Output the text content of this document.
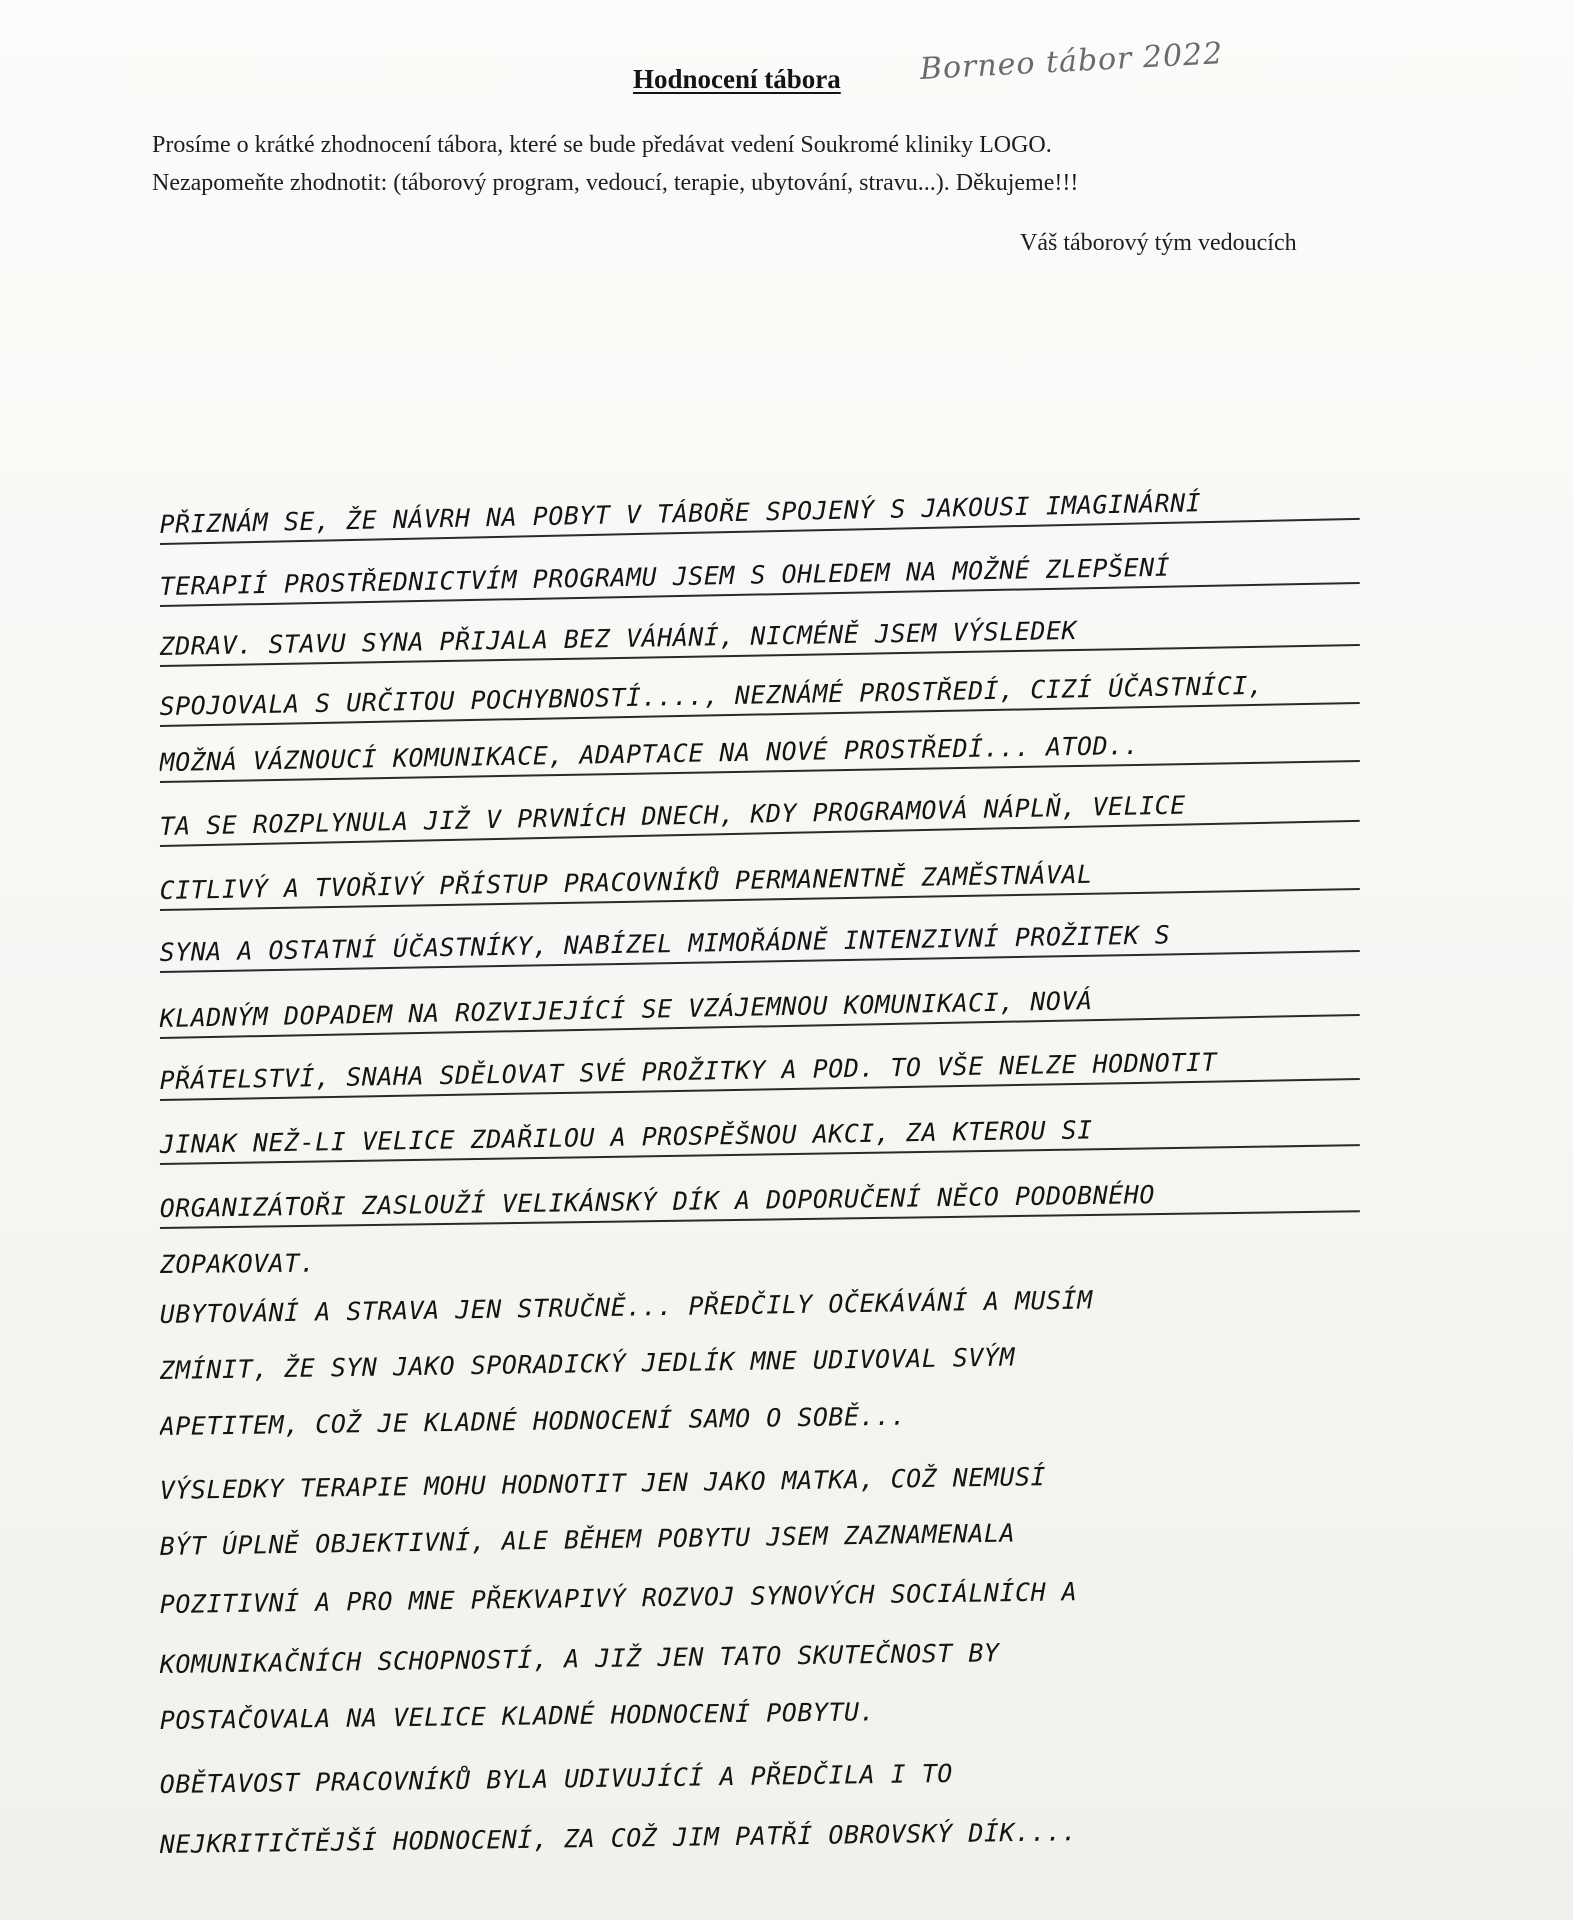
Hodnocení tábora	Borneo tábor 2022
Prosíme o krátké zhodnocení tábora, které se bude předávat vedení Soukromé kliniky LOGO.
Nezapomeňte zhodnotit: (táborový program, vedoucí, terapie, ubytování, stravu...). Děkujeme!!!
Váš táborový tým vedoucích
PŘIZNÁM SE, ŽE NÁVRH NA POBYT V TÁBOŘE SPOJENÝ S JAKOUSI IMAGINÁRNÍ
TERAPIÍ PROSTŘEDNICTVÍM PROGRAMU JSEM S OHLEDEM NA MOŽNÉ ZLEPŠENÍ
ZDRAV. STAVU SYNA PŘIJALA BEZ VÁHÁNÍ, NICMÉNĚ JSEM VÝSLEDEK
SPOJOVALA S URČITOU POCHYBNOSTÍ...., NEZNÁMÉ PROSTŘEDÍ, CIZÍ ÚČASTNÍCI,
MOŽNÁ VÁZNOUCÍ KOMUNIKACE, ADAPTACE NA NOVÉ PROSTŘEDÍ... ATOD..
TA SE ROZPLYNULA JIŽ V PRVNÍCH DNECH, KDY PROGRAMOVÁ NÁPLŇ, VELICE
CITLIVÝ A TVOŘIVÝ PŘÍSTUP PRACOVNÍKŮ PERMANENTNĚ ZAMĚSTNÁVAL
SYNA A OSTATNÍ ÚČASTNÍKY, NABÍZEL MIMOŘÁDNĚ INTENZIVNÍ PROŽITEK S
KLADNÝM DOPADEM NA ROZVIJEJÍCÍ SE VZÁJEMNOU KOMUNIKACI, NOVÁ
PŘÁTELSTVÍ, SNAHA SDĚLOVAT SVÉ PROŽITKY A POD. TO VŠE NELZE HODNOTIT
JINAK NEŽ-LI VELICE ZDAŘILOU A PROSPĚŠNOU AKCI, ZA KTEROU SI
ORGANIZÁTOŘI ZASLOUŽÍ VELIKÁNSKÝ DÍK A DOPORUČENÍ NĚCO PODOBNÉHO
ZOPAKOVAT.
UBYTOVÁNÍ A STRAVA JEN STRUČNĚ... PŘEDČILY OČEKÁVÁNÍ A MUSÍM
ZMÍNIT, ŽE SYN JAKO SPORADICKÝ JEDLÍK MNE UDIVOVAL SVÝM
APETITEM, COŽ JE KLADNÉ HODNOCENÍ SAMO O SOBĚ...
VÝSLEDKY TERAPIE MOHU HODNOTIT JEN JAKO MATKA, COŽ NEMUSÍ
BÝT ÚPLNĚ OBJEKTIVNÍ, ALE BĚHEM POBYTU JSEM ZAZNAMENALA
POZITIVNÍ A PRO MNE PŘEKVAPIVÝ ROZVOJ SYNOVÝCH SOCIÁLNÍCH A
KOMUNIKAČNÍCH SCHOPNOSTÍ, A JIŽ JEN TATO SKUTEČNOST BY
POSTAČOVALA NA VELICE KLADNÉ HODNOCENÍ POBYTU.
OBĚTAVOST PRACOVNÍKŮ BYLA UDIVUJÍCÍ A PŘEDČILA I TO
NEJKRITIČTĚJŠÍ HODNOCENÍ, ZA COŽ JIM PATŘÍ OBROVSKÝ DÍK....
